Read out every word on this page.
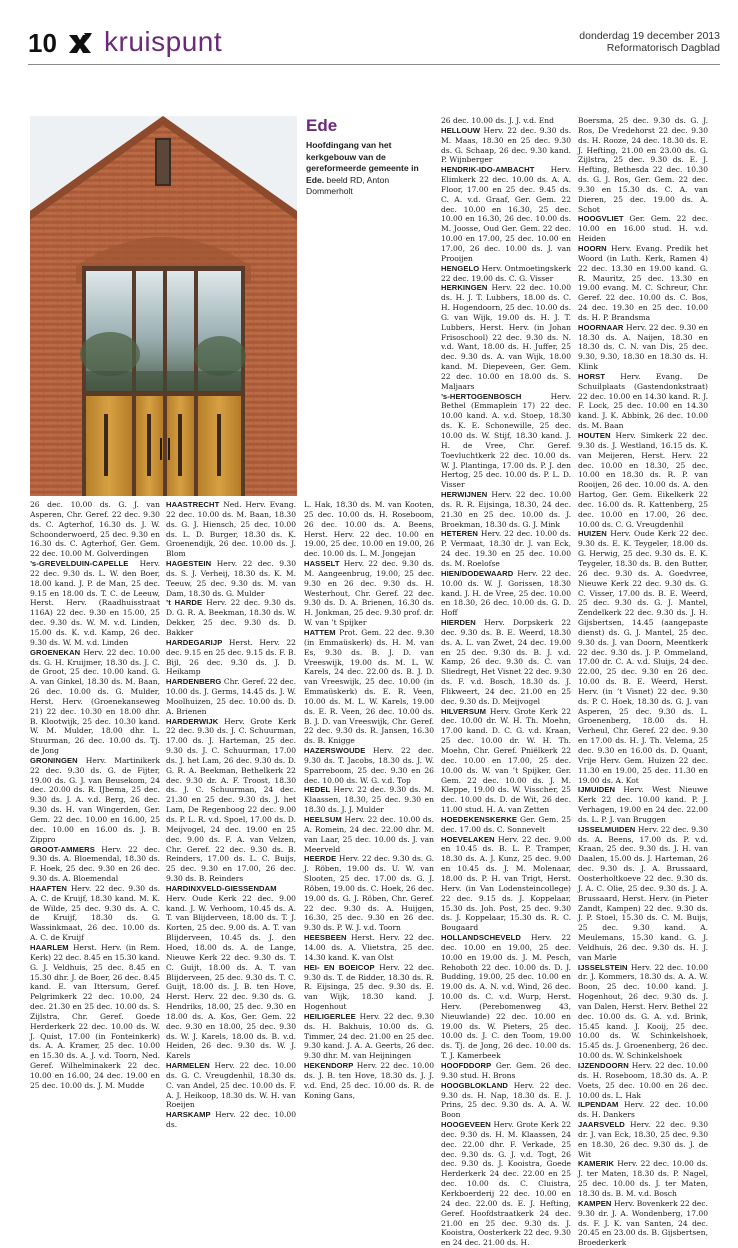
10 kruispunt	donderdag 19 december 2013
Reformatorisch Dagblad
Ede
Hoofdingang van het kerkgebouw van de gereformeerde gemeente in Ede. beeld RD, Anton Dommerholt
26 dec. 10.00 ds. G. J. van Asperen, Chr. Geref. 22 dec. 9.30 ds. C. Agterhof, 16.30 ds. J. W. Schoonderwoerd, 25 dec. 9.30 en 16.30 ds. C. Agterhof, Ger. Gem. 22 dec. 10.00 M. Golverdingen
’s-GREVELDUIN-CAPELLE Herv. 22 dec. 9.30 ds. L. W. den Boer, 18.00 kand. J. P. de Man, 25 dec. 9.15 en 18.00 ds. T. C. de Leeuw, Herst. Herv. (Raadhuisstraat 116A) 22 dec. 9.30 en 15.00, 25 dec. 9.30 ds. W. M. v.d. Linden, 15.00 ds. K. v.d. Kamp, 26 dec. 9.30 ds. W. M. v.d. Linden
GROENEKAN Herv. 22 dec. 10.00 ds. G. H. Kruijmer, 18.30 ds. J. C. de Groot, 25 dec. 10.00 kand. G. A. van Ginkel, 18.30 ds. M. Baan, 26 dec. 10.00 ds. G. Mulder, Herst. Herv. (Groenekanseweg 21) 22 dec. 10.30 en 18.00 dhr. B. Klootwijk, 25 dec. 10.30 kand. W. M. Mulder, 18.00 dhr. L. Stuurman, 26 dec. 10.00 ds. Tj. de Jong
GRONINGEN Herv. Martinikerk 22 dec. 9.30 ds. G. de Fijter, 19.00 ds. G. J. van Beusekom, 24 dec. 20.00 ds. R. IJbema, 25 dec. 9.30 ds. J. A. v.d. Berg, 26 dec. 9.30 ds. H. van Wingerden, Ger. Gem. 22 dec. 10.00 en 16.00, 25 dec. 10.00 en 16.00 ds. J. B. Zippro
GROOT-AMMERS Herv. 22 dec. 9.30 ds. A. Bloemendal, 18.30 ds. F. Hoek, 25 dec. 9.30 en 26 dec. 9.30 ds. A. Bloemendal
HAAFTEN Herv. 22 dec. 9.30 ds. A. C. de Kruijf, 18.30 kand. M. K. de Wilde, 25 dec. 9.30 ds. A. C. de Kruijf, 18.30 ds. G. Wassinkmaat, 26 dec. 10.00 ds. A. C. de Kruijf
HAARLEM Herst. Herv. (in Rem. Kerk) 22 dec. 8.45 en 15.30 kand. G. J. Veldhuis, 25 dec. 8.45 en 15.30 dhr. J. de Boer, 26 dec. 8.45 kand. E. van Ittersum, Geref. Pelgrimkerk 22 dec. 10.00, 24 dec. 21.30 en 25 dec. 10.00 ds. S. Zijlstra, Chr. Geref. Goede Herderkerk 22 dec. 10.00 ds. W. J. Quist, 17.00 (in Fonteinkerk) ds. A. A. Kramer, 25 dec. 10.00 en 15.30 ds. A. J. v.d. Toorn, Ned. Geref. Wilhelminakerk 22 dec. 10.00 en 16.00, 24 dec. 19.00 en 25 dec. 10.00 ds. J. M. Mudde
HAASTRECHT Ned. Herv. Evang. 22 dec. 10.00 ds. M. Baan, 18.30 ds. G. J. Hiensch, 25 dec. 10.00 ds. L. D. Burger, 18.30 ds. K. Groenendijk, 26 dec. 10.00 ds. J. Blom
HAGESTEIN Herv. 22 dec. 9.30 ds. S. J. Verheij, 18.30 ds. K. M. Teeuw, 25 dec. 9.30 ds. M. van Dam, 18.30 ds. G. Mulder
’t HARDE Herv. 22 dec. 9.30 ds. D. G. R. A. Beekman, 18.30 ds. W. Dekker, 25 dec. 9.30 ds. D. Bakker
HARDEGARIJP Herst. Herv. 22 dec. 9.15 en 25 dec. 9.15 ds. F. B. Bijl, 26 dec. 9.30 ds. J. D. Heikamp
HARDENBERG Chr. Geref. 22 dec. 10.00 ds. J. Germs, 14.45 ds. J. W. Moolhuizen, 25 dec. 10.00 ds. D. A. Brienen
HARDERWIJK Herv. Grote Kerk 22 dec. 9.30 ds. J. C. Schuurman, 17.00 ds. J. Harteman, 25 dec. 9.30 ds. J. C. Schuurman, 17.00 ds. J. het Lam, 26 dec. 9.30 ds. D. G. R. A. Beekman, Bethelkerk 22 dec. 9.30 dr. A. F. Troost, 18.30 ds. J. C. Schuurman, 24 dec. 21.30 en 25 dec. 9.30 ds. J. het Lam, De Regenboog 22 dec. 9.00 ds. P. L. R. v.d. Spoel, 17.00 ds. D. Meijvogel, 24 dec. 19.00 en 25 dec. 9.00 ds. F. A. van Velzen, Chr. Geref. 22 dec. 9.30 ds. B. Reinders, 17.00 ds. L. C. Buijs, 25 dec. 9.30 en 17.00, 26 dec. 9.30 ds. B. Reinders
HARDINXVELD-GIESSENDAM Herv. Oude Kerk 22 dec. 9.00 kand. J. W. Verhoom, 10.45 ds. A. T. van Blijderveen, 18.00 ds. T. J. Korten, 25 dec. 9.00 ds. A. T. van Blijderveen, 10.45 ds. J. den Hoed, 18.00 ds. A. de Lange, Nieuwe Kerk 22 dec. 9.30 ds. T. C. Guijt, 18.00 ds. A. T. van Blijderveen, 25 dec. 9.30 ds. T. C. Guijt, 18.00 ds. J. B. ten Hove, Herst. Herv. 22 dec. 9.30 ds. G. Hendriks, 18.00, 25 dec. 9.30 en 18.00 ds. A. Kos, Ger. Gem. 22 dec. 9.30 en 18.00, 25 dec. 9.30 ds. W. J. Karels, 18.00 ds. B. v.d. Heiden, 26 dec. 9.30 ds. W. J. Karels
HARMELEN Herv. 22 dec. 10.00 ds. G. C. Vreugdenhil, 18.30 ds. C. van Andel, 25 dec. 10.00 ds. F. A. J. Heikoop, 18.30 ds. W. H. van Roeijen
HARSKAMP Herv. 22 dec. 10.00 ds.
L. Hak, 18.30 ds. M. van Kooten, 25 dec. 10.00 ds. H. Roseboom, 26 dec. 10.00 ds. A. Beens, Herst. Herv. 22 dec. 10.00 en 19.00, 25 dec. 10.00 en 19.00, 26 dec. 10.00 ds. L. M. Jongejan
HASSELT Herv. 22 dec. 9.30 ds. M. Aangeenbrug, 19.00, 25 dec. 9.30 en 26 dec. 9.30 ds. H. Westerhout, Chr. Geref. 22 dec. 9.30 ds. D. A. Brienen, 16.30 ds. H. Jonkman, 25 dec. 9.30 prof. dr. W. van ’t Spijker
HATTEM Prot. Gem. 22 dec. 9.30 (in Emmaüskerk) ds. H. M. van Es, 9.30 ds. B. J. D. van Vreeswijk, 19.00 ds. M. L. W. Karels, 24 dec. 22.00 ds. B. J. D. van Vreeswijk, 25 dec. 10.00 (in Emmaüskerk) ds. E. R. Veen, 10.00 ds. M. L. W. Karels, 19.00 ds. E. R. Veen, 26 dec. 10.00 ds. B. J. D. van Vreeswijk, Chr. Geref. 22 dec. 9.30 ds. R. Jansen, 16.30 ds. B. Knigge
HAZERSWOUDE Herv. 22 dec. 9.30 ds. T. Jacobs, 18.30 ds. J. W. Sparreboom, 25 dec. 9.30 en 26 dec. 10.00 ds. W. G. v.d. Top
HEDEL Herv. 22 dec. 9.30 ds. M. Klaassen, 18.30, 25 dec. 9.30 en 18.30 ds. J. J. Mulder
HEELSUM Herv. 22 dec. 10.00 ds. A. Romein, 24 dec. 22.00 dhr. M. van Laar, 25 dec. 10.00 ds. J. van Meerveld
HEERDE Herv. 22 dec. 9.30 ds. G. J. Röben, 19.00 ds. U. W. van Slooten, 25 dec. 17.00 ds. G. J. Röben, 19.00 ds. C. Hoek, 26 dec. 19.00 ds. G. J. Röben, Chr. Geref. 22 dec. 9.30 ds. A. Huijgen, 16.30, 25 dec. 9.30 en 26 dec. 9.30 ds. P. W. J. v.d. Toorn
HEESBEEN Herst. Herv. 22 dec. 14.00 ds. A. Vlietstra, 25 dec. 14.30 kand. K. van Olst
HEI- EN BOEICOP Herv. 22 dec. 9.30 ds. T. de Ridder, 18.30 ds. R. R. Eijsinga, 25 dec. 9.30 ds. E. van Wijk, 18.30 kand. J. Hogenhout
HEILIGERLEE Herv. 22 dec. 9.30 ds. H. Bakhuis, 10.00 ds. G. Timmer, 24 dec. 21.00 en 25 dec. 9.30 kand. J. A. A. Geerts, 26 dec. 9.30 dhr. M. van Heijningen
HEKENDORP Herv. 22 dec. 10.00 ds. J. B. ten Hove, 18.30 ds. J. J. v.d. End, 25 dec. 10.00 ds. R. de Koning Gans,
26 dec. 10.00 ds. J. J. v.d. End
HELLOUW Herv. 22 dec. 9.30 ds. M. Maas, 18.30 en 25 dec. 9.30 ds. G. Schaap, 26 dec. 9.30 kand. P. Wijnberger
HENDRIK-IDO-AMBACHT Herv. Elimkerk 22 dec. 10.00 ds. A. A. Floor, 17.00 en 25 dec. 9.45 ds. C. A. v.d. Graaf, Ger. Gem. 22 dec. 10.00 en 16.30, 25 dec. 10.00 en 16.30, 26 dec. 10.00 ds. M. Joosse, Oud Ger. Gem. 22 dec. 10.00 en 17.00, 25 dec. 10.00 en 17.00, 26 dec. 10.00 ds. J. van Prooijen
HENGELO Herv. Ontmoetingskerk 22 dec. 19.00 ds. C. G. Visser
HERKINGEN Herv. 22 dec. 10.00 ds. H. J. T. Lubbers, 18.00 ds. C. H. Hogendoorn, 25 dec. 10.00 ds. G. van Wijk, 19.00 ds. H. J. T. Lubbers, Herst. Herv. (in Johan Frisoschool) 22 dec. 9.30 ds. N. v.d. Want, 18.00 ds. H. Juffer, 25 dec. 9.30 ds. A. van Wijk, 18.00 kand. M. Diepeveen, Ger. Gem. 22 dec. 10.00 en 18.00 ds. S. Maljaars
’s-HERTOGENBOSCH	Herv. Bethel (Emmaplein 17) 22 dec. 10.00 kand. A. v.d. Stoep, 18.30 ds. K. E. Schonewille, 25 dec. 10.00 ds. W. Stijf, 18.30 kand. J. H. de Vree, Chr. Geref. Toevluchtkerk 22 dec. 10.00 ds. W. J. Plantinga, 17.00 ds. P. J. den Hertog, 25 dec. 10.00 ds. P. L. D. Visser
HERWIJNEN Herv. 22 dec. 10.00 ds. R. R. Eijsinga, 18.30, 24 dec. 21.30 en 25 dec. 10.00 ds. J. Broekman, 18.30 ds. G. J. Mink
HETEREN Herv. 22 dec. 10.00 ds. P. Vermaat, 18.30 dr. J. van Eck, 24 dec. 19.30 en 25 dec. 10.00 ds. M. Roelofse
HIEN/DODEWAARD Herv. 22 dec. 10.00 ds. W. J. Gorissen, 18.30 kand. J. H. de Vree, 25 dec. 10.00 en 18.30, 26 dec. 10.00 ds. G. D. Hoff
HIERDEN Herv. Dorpskerk 22 dec. 9.30 ds. B. E. Weerd, 18.30 ds. A. L. van Zwet, 24 dec. 19.00 en 25 dec. 9.30 ds. B. J. v.d. Kamp, 26 dec. 9.30 ds. C. van Sliedregt, Het Visnet 22 dec. 9.30 ds. F. v.d. Bosch, 18.30 ds. J. Flikweert, 24 dec. 21.00 en 25 dec. 9.30 ds. D. Meijvogel
HILVERSUM Herv. Grote Kerk 22 dec. 10.00 dr. W. H. Th. Moehn, 17.00 kand. D. C. G. v.d. Kraan, 25 dec. 10.00 dr. W. H. Th. Moehn, Chr. Geref. Pniëlkerk 22 dec. 10.00 en 17.00, 25 dec. 10.00 ds. W. van ’t Spijker, Ger. Gem. 22 dec. 10.00 ds. J. M. Kleppe, 19.00 ds. W. Visscher, 25 dec. 10.00 ds. D. de Wit, 26 dec. 11.00 stud. H. A. van Zetten
HOEDEKENSKERKE Ger. Gem. 25 dec. 17.00 ds. C. Sonnevelt
HOEVELAKEN Herv. 22 dec. 9.00 en 10.45 ds. B. L. P. Tramper, 18.30 ds. A. J. Kunz, 25 dec. 9.00 en 10.45 ds. J. M. Molenaar, 18.00 ds. P. H. van Trigt, Herst. Herv. (in Van Lodensteincollege) 22 dec. 9.15 ds. J. Koppelaar, 15.30 ds. Joh. Post, 25 dec. 9.30 ds. J. Koppelaar, 15.30 ds. R. C. Bougaard
HOLLANDSCHEVELD Herv. 22 dec. 10.00 en 19.00, 25 dec. 10.00 en 19.00 ds. J. M. Pesch, Rehoboth 22 dec. 10.00 ds. D. J. Budding, 19.00, 25 dec. 10.00 en 19.00 ds. A. N. v.d. Wind, 26 dec. 10.00 ds. C. v.d. Wurp, Herst. Herv. (Perebomenweg 43, Nieuwlande) 22 dec. 10.00 en 19.00 ds. W. Pieters, 25 dec. 10.00 ds. J. C. den Toom, 19.00 ds. Tj. de Jong, 26 dec. 10.00 ds. T. J. Kamerbeek
HOOFDDORP Ger. Gem. 26 dec. 9.30 stud. H. Brons
HOOGBLOKLAND Herv. 22 dec. 9.30 ds. H. Nap, 18.30 ds. E. J. Prins, 25 dec. 9.30 ds. A. A. W. Boon
HOOGEVEEN Herv. Grote Kerk 22 dec. 9.30 ds. H. M. Klaassen, 24 dec. 22.00 dhr. F. Verkade, 25 dec. 9.30 ds. G. J. v.d. Togt, 26 dec. 9.30 ds. J. Kooistra, Goede Herderkerk 24 dec. 22.00 en 25 dec. 10.00 ds. C. Cluistra, Kerkboerderij 22 dec. 10.00 en 24 dec. 22.00 ds. E. J. Hefting, Geref. Hoofdstraatkerk 24 dec. 21.00 en 25 dec. 9.30 ds. J. Kooistra, Oosterkerk 22 dec. 9.30 en 24 dec. 21.00 ds. H.
Boersma, 25 dec. 9.30 ds. G. J. Ros, De Vredehorst 22 dec. 9.30 ds. H. Rooze, 24 dec. 18.30 ds. E. J. Hefting, 21.00 en 23.00 ds. G. Zijlstra, 25 dec. 9.30 ds. E. J. Hefting, Bethesda 22 dec. 10.30 ds. G. J. Ros, Ger. Gem. 22 dec. 9.30 en 15.30 ds. C. A. van Dieren, 25 dec. 19.00 ds. A. Schot
HOOGVLIET Ger. Gem. 22 dec. 10.00 en 16.00 stud. H. v.d. Heiden
HOORN Herv. Evang. Predik het Woord (in Luth. Kerk, Ramen 4) 22 dec. 13.30 en 19.00 kand. G. R. Mauritz, 25 dec. 13.30 en 19.00 evang. M. C. Schreur, Chr. Geref. 22 dec. 10.00 ds. C. Bos, 24 dec. 19.30 en 25 dec. 10.00 ds. H. P. Brandsma
HOORNAAR Herv. 22 dec. 9.30 en 18.30 ds. A. Naijen, 18.30 en 18.30 ds. C. N. van Dis, 25 dec. 9.30, 9.30, 18.30 en 18.30 ds. H. Klink
HORST Herv. Evang. De Schuilplaats (Gastendonkstraat) 22 dec. 10.00 en 14.30 kand. R. J. F. Lock, 25 dec. 10.00 en 14.30 kand. J. K. Abbink, 26 dec. 10.00 ds. M. Baan
HOUTEN Herv. Simkerk 22 dec. 9.30 ds. J. Westland, 16.15 ds. K. van Meijeren, Herst. Herv. 22 dec. 10.00 en 18.30, 25 dec. 10.00 en 18.30 ds. R. P. van Rooijen, 26 dec. 10.00 ds. A. den Hartog, Ger. Gem. Eikelkerk 22 dec. 16.00 ds. R. Kattenberg, 25 dec. 10.00 en 17.00, 26 dec. 10.00 ds. C. G. Vreugdenhil
HUIZEN Herv. Oude Kerk 22 dec. 9.30 ds. E. K. Teygeler, 18.00 ds. G. Herwig, 25 dec. 9.30 ds. E. K. Teygeler, 18.30 ds. B. den Butter, 26 dec. 9.30 ds. A. Goedvree, Nieuwe Kerk 22 dec. 9.30 ds. G. C. Visser, 17.00 ds. B. E. Weerd, 25 dec. 9.30 ds. G. J. Mantel, Zendelkerk 22 dec. 9.30 ds. J. H. Gijsbertsen, 14.45 (aangepaste dienst) ds. G. J. Mantel, 25 dec. 9.30 ds. J. van Doorn, Meentkerk 22 dec. 9.30 ds. J. P. Ommeland, 17.00 dr. C. A. v.d. Sluijs, 24 dec. 22.00, 25 dec. 9.30 en 26 dec. 10.00 ds. B. E. Weerd, Herst. Herv. (in ’t Visnet) 22 dec. 9.30 ds. P. C. Hoek, 18.30 ds. G. J. van Asperen, 25 dec. 9.30 ds. L. Groenenberg, 18.00 ds. H. Verheul, Chr. Geref. 22 dec. 9.30 en 17.00 ds. H. J. Th. Velema, 25 dec. 9.30 en 16.00 ds. D. Quant, Vrije Herv. Gem. Huizen 22 dec. 11.30 en 19.00, 25 dec. 11.30 en 19.00 ds. A. Kot
IJMUIDEN Herv. West Nieuwe Kerk 22 dec. 10.00 kand. P. J. Verhagen, 19.00 en 24 dec. 22.00 ds. L. P. J. van Bruggen
IJSSELMUIDEN Herv. 22 dec. 9.30 ds. A. Beens, 17.00 ds. P. v.d. Kraan, 25 dec. 9.30 ds. J. H. van Daalen, 15.00 ds. J. Harteman, 26 dec. 9.30 ds. J. A. Brussaard, Oosterholtkoeve 22 dec. 9.30 ds. J. A. C. Olie, 25 dec. 9.30 ds. J. A. Brussaard, Herst. Herv. (in Pieter Zandt, Kampen) 22 dec. 9.30 ds. J. P. Stoel, 15.30 ds. C. M. Buijs, 25 dec. 9.30 kand. A. Meulemans, 15.30 kand. G. J. Veldhuis, 26 dec. 9.30 ds. H. J. van Marle
IJSSELSTEIN Herv. 22 dec. 10.00 dr. J. Kommers, 18.30 ds. A. A. W. Boon, 25 dec. 10.00 kand. J. Hogenhout, 26 dec. 9.30 ds. J. van Dalen, Herst. Herv. Bethel 22 dec. 10.00 ds. G. A. v.d. Brink, 15.45 kand. J. Kooij, 25 dec. 10.00 ds. W. Schinkelshoek, 15.45 ds. J. Groenenberg, 26 dec. 10.00 ds. W. Schinkelshoek
IJZENDOORN Herv. 22 dec. 10.00 ds. H. Roseboom, 18.30 ds. A. P. Voets, 25 dec. 10.00 en 26 dec. 10.00 ds. L. Hak
ILPENDAM Herv. 22 dec. 10.00 ds. H. Dankers
JAARSVELD Herv. 22 dec. 9.30 dr. J. van Eck, 18.30, 25 dec. 9.30 en 18.30, 26 dec. 9.30 ds. J. de Wit
KAMERIK Herv. 22 dec. 10.00 ds. J. ter Maten, 18.30 ds. P. Nagel, 25 dec. 10.00 ds. J. ter Maten, 18.30 ds. B. M. v.d. Bosch
KAMPEN Herv. Bovenkerk 22 dec. 9.30 dr. J. A. Wondenberg, 17.00 ds. F. J. K. van Santen, 24 dec. 20.45 en 23.00 ds. B. Gijsbertsen, Broederkerk
